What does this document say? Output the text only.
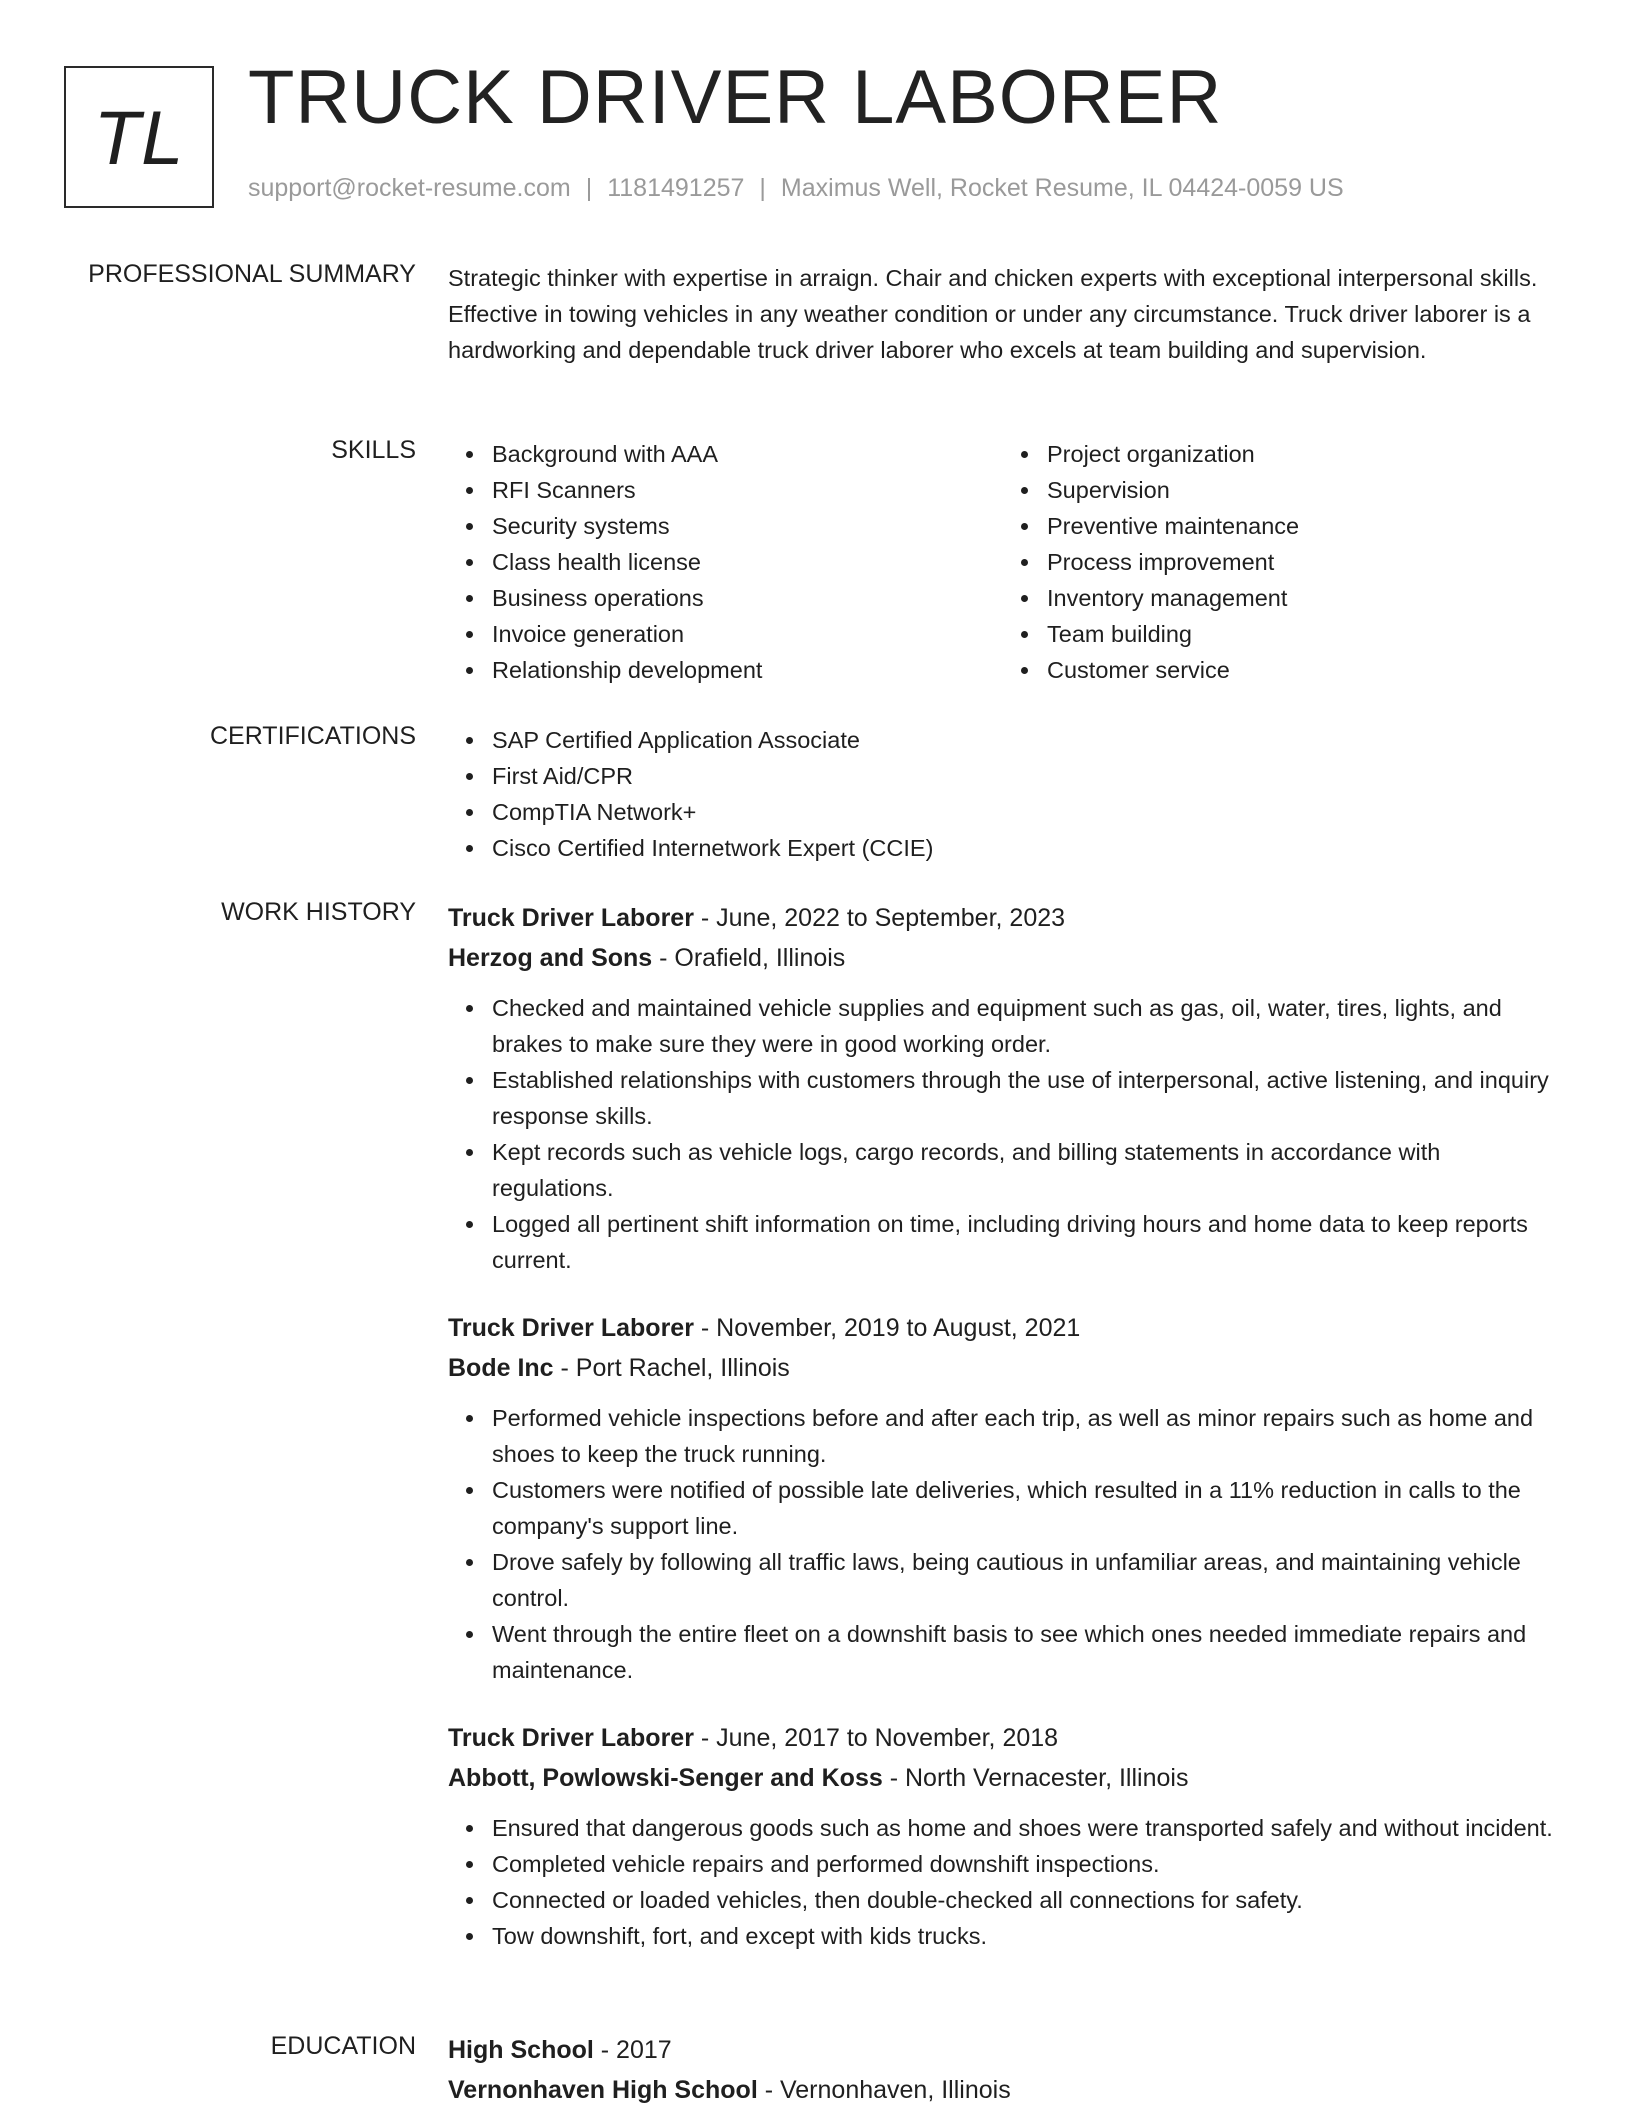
TL TRUCK DRIVER LABORER
support@rocket-resume.com | 1181491257 | Maximus Well, Rocket Resume, IL 04424-0059 US
PROFESSIONAL SUMMARY Strategic thinker with expertise in arraign. Chair and chicken experts with exceptional interpersonal skills. Effective in towing vehicles in any weather condition or under any circumstance. Truck driver laborer is a hardworking and dependable truck driver laborer who excels at team building and supervision.

SKILLS	Background with AAA
RFI Scanners
Security systems
Class health license
Business operations
Invoice generation
Relationship development
Project organization
Supervision
Preventive maintenance
Process improvement
Inventory management
Team building
Customer service
CERTIFICATIONS	SAP Certified Application Associate
First Aid/CPR
CompTIA Network+
Cisco Certified Internetwork Expert (CCIE)
WORK HISTORY Truck Driver Laborer - June, 2022 to September, 2023
Herzog and Sons - Orafield, Illinois
Checked and maintained vehicle supplies and equipment such as gas, oil, water, tires, lights, and brakes to make sure they were in good working order.
Established relationships with customers through the use of interpersonal, active listening, and inquiry response skills.
Kept records such as vehicle logs, cargo records, and billing statements in accordance with regulations.
Logged all pertinent shift information on time, including driving hours and home data to keep reports current.
Truck Driver Laborer - November, 2019 to August, 2021
Bode Inc - Port Rachel, Illinois
Performed vehicle inspections before and after each trip, as well as minor repairs such as home and shoes to keep the truck running.
Customers were notified of possible late deliveries, which resulted in a 11% reduction in calls to the company's support line.
Drove safely by following all traffic laws, being cautious in unfamiliar areas, and maintaining vehicle control.
Went through the entire fleet on a downshift basis to see which ones needed immediate repairs and maintenance.
Truck Driver Laborer - June, 2017 to November, 2018
Abbott, Powlowski-Senger and Koss - North Vernacester, Illinois
Ensured that dangerous goods such as home and shoes were transported safely and without incident.
Completed vehicle repairs and performed downshift inspections.
Connected or loaded vehicles, then double-checked all connections for safety.
Tow downshift, fort, and except with kids trucks.
EDUCATION High School - 2017
Vernonhaven High School - Vernonhaven, Illinois
